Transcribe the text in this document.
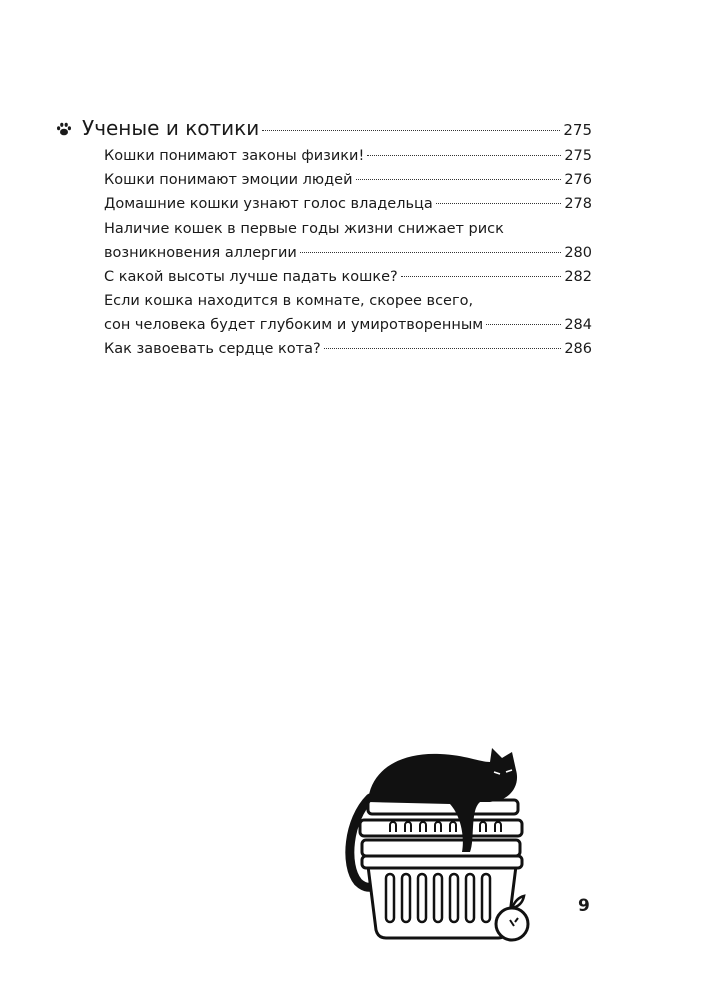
Ученые и котики	275
Кошки понимают законы физики!	275
Кошки понимают эмоции людей	276
Домашние кошки узнают голос владельца	278
Наличие кошек в первые годы жизни снижает риск
возникновения аллергии	280
С какой высоты лучше падать кошке?	282
Если кошка находится в комнате, скорее всего,
сон человека будет глубоким и умиротворенным	284
Как завоевать сердце кота?	286
9
